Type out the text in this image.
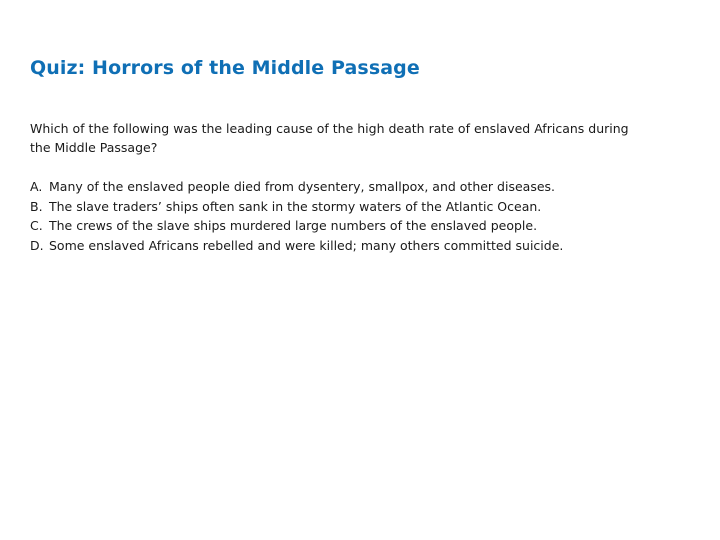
Quiz: Horrors of the Middle Passage
Which of the following was the leading cause of the high death rate of enslaved Africans during the Middle Passage?
A. Many of the enslaved people died from dysentery, smallpox, and other diseases.
B. The slave traders’ ships often sank in the stormy waters of the Atlantic Ocean.
C. The crews of the slave ships murdered large numbers of the enslaved people.
D. Some enslaved Africans rebelled and were killed; many others committed suicide.
